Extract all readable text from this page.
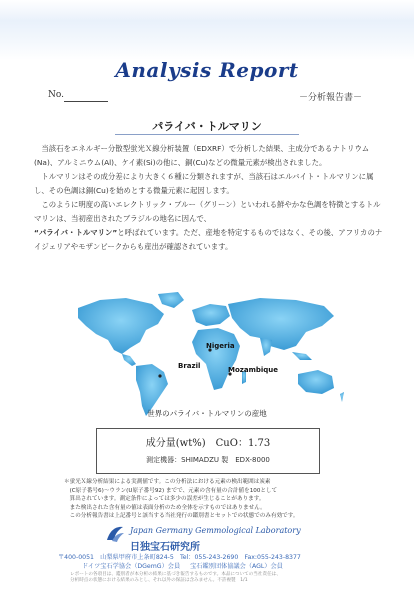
Analysis Report
No.	－分析報告書－
パライバ・トルマリン

当該石をエネルギー分散型蛍光Ｘ線分析装置（EDXRF）で分析した結果、主成分であるナトリウム(Na)、アルミニウム(Al)、ケイ素(Si)の他に、銅(Cu)などの微量元素が検出されました。

トルマリンはその成分差により大きく６種に分類されますが、当該石はエルバイト・トルマリンに属し、その色調は銅(Cu)を始めとする微量元素に起因します。

このように明度の高いエレクトリック・ブルー（グリーン）といわれる鮮やかな色調を特徴とするトルマリンは、当初産出されたブラジルの地名に因んで、
“パライバ・トルマリン”と呼ばれています。ただ、産地を特定するものではなく、その後、アフリカのナイジェリアやモザンビークからも産出が確認されています。

Nigeria
Brazil	Mozambique
世界のパライバ・トルマリンの産地
成分量(wt%)　CuO：1.73
測定機器：SHIMADZU 製　EDX-8000

＊蛍光Ｘ線分析結果による実測値です。この分析法における元素の検出範囲は炭素

　(C原子番号6)～ウラン(U原子番号92) までで、元素の含有量の合計値を100として

　算出されています。測定条件によっては多少の誤差が生じることがあります。

　また検出された含有量の値は表面分析のため全体を示すものではありません。

　この分析報告書は上記番号と該当する当社発行の鑑別書とセットでの状態でのみ有効です。

Japan Germany Gemmological Laboratory
日独宝石研究所
〒400-0051　山梨県甲府市上条町824-5　Tel：055-243-2690　Fax:055-243-8377
ドイツ宝石学協会（DGemG）会員 宝石鑑別団体協議会（AGL）会員

レポートの各項目は、鑑別者が本分析の結果に基づき報告するものです。本品についての当社責任は、

分析時点の状態における結果のみとし、それ以外の保証は含みません。不許複製　1/1
